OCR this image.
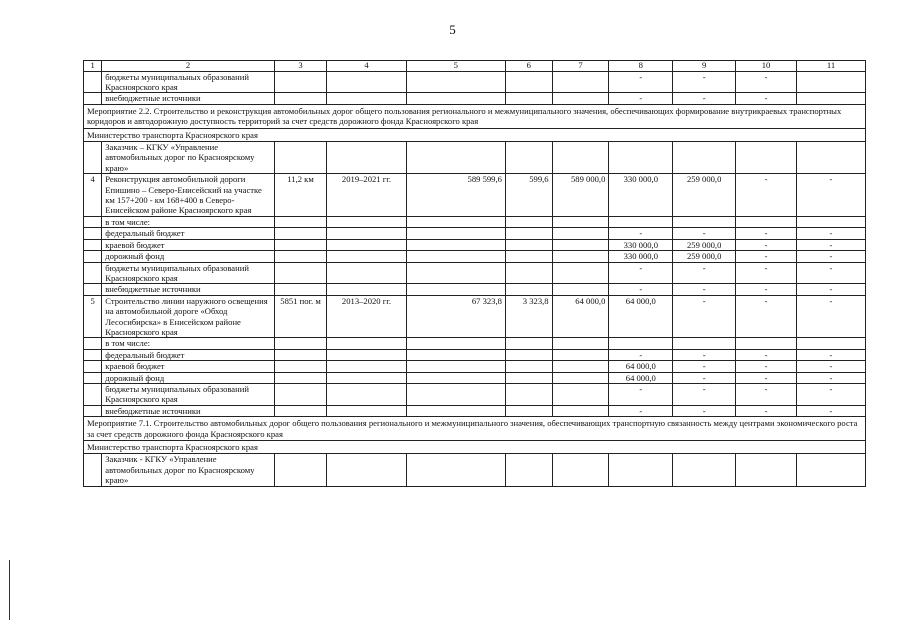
5
1	2	3	4	5	6	7	8	9	10	11
	бюджеты муниципальных образований Красноярского края						-	-	-	
	внебюджетные источники						-	-	-	
Мероприятие 2.2. Строительство и реконструкция автомобильных дорог общего пользования регионального и межмуниципального значения, обеспечивающих формирование внутрикраевых транспортных коридоров и автодорожную доступность территорий за счет средств дорожного фонда Красноярского края										
Министерство транспорта Красноярского края										
	Заказчик – КГКУ «Управление автомобильных дорог по Красноярскому краю»									
4	Реконструкция автомобильной дороги Епишино – Северо-Енисейский на участке км 157+200 - км 168+400 в Северо-Енисейском районе Красноярского края	11,2 км	2019–2021 гг.	589 599,6	599,6	589 000,0	330 000,0	259 000,0	-	-
	в том числе:									
	федеральный бюджет						-	-	-	-
	краевой бюджет						330 000,0	259 000,0	-	-
	дорожный фонд						330 000,0	259 000,0	-	-
	бюджеты муниципальных образований Красноярского края						-	-	-	-
	внебюджетные источники						-	-	-	-
5	Строительство линии наружного освещения на автомобильной дороге «Обход Лесосибирска» в Енисейском районе Красноярского края	5851 пог. м	2013–2020 гг.	67 323,8	3 323,8	64 000,0	64 000,0	-	-	-
	в том числе:									
	федеральный бюджет						-	-	-	-
	краевой бюджет						64 000,0	-	-	-
	дорожный фонд						64 000,0	-	-	-
	бюджеты муниципальных образований Красноярского края						-	-	-	-
	внебюджетные источники						-	-	-	-
Мероприятие 7.1. Строительство автомобильных дорог общего пользования регионального и межмуниципального значения, обеспечивающих транспортную связанность между центрами экономического роста за счет средств дорожного фонда Красноярского края										
Министерство транспорта Красноярского края										
	Заказчик - КГКУ «Управление автомобильных дорог по Красноярскому краю»									
